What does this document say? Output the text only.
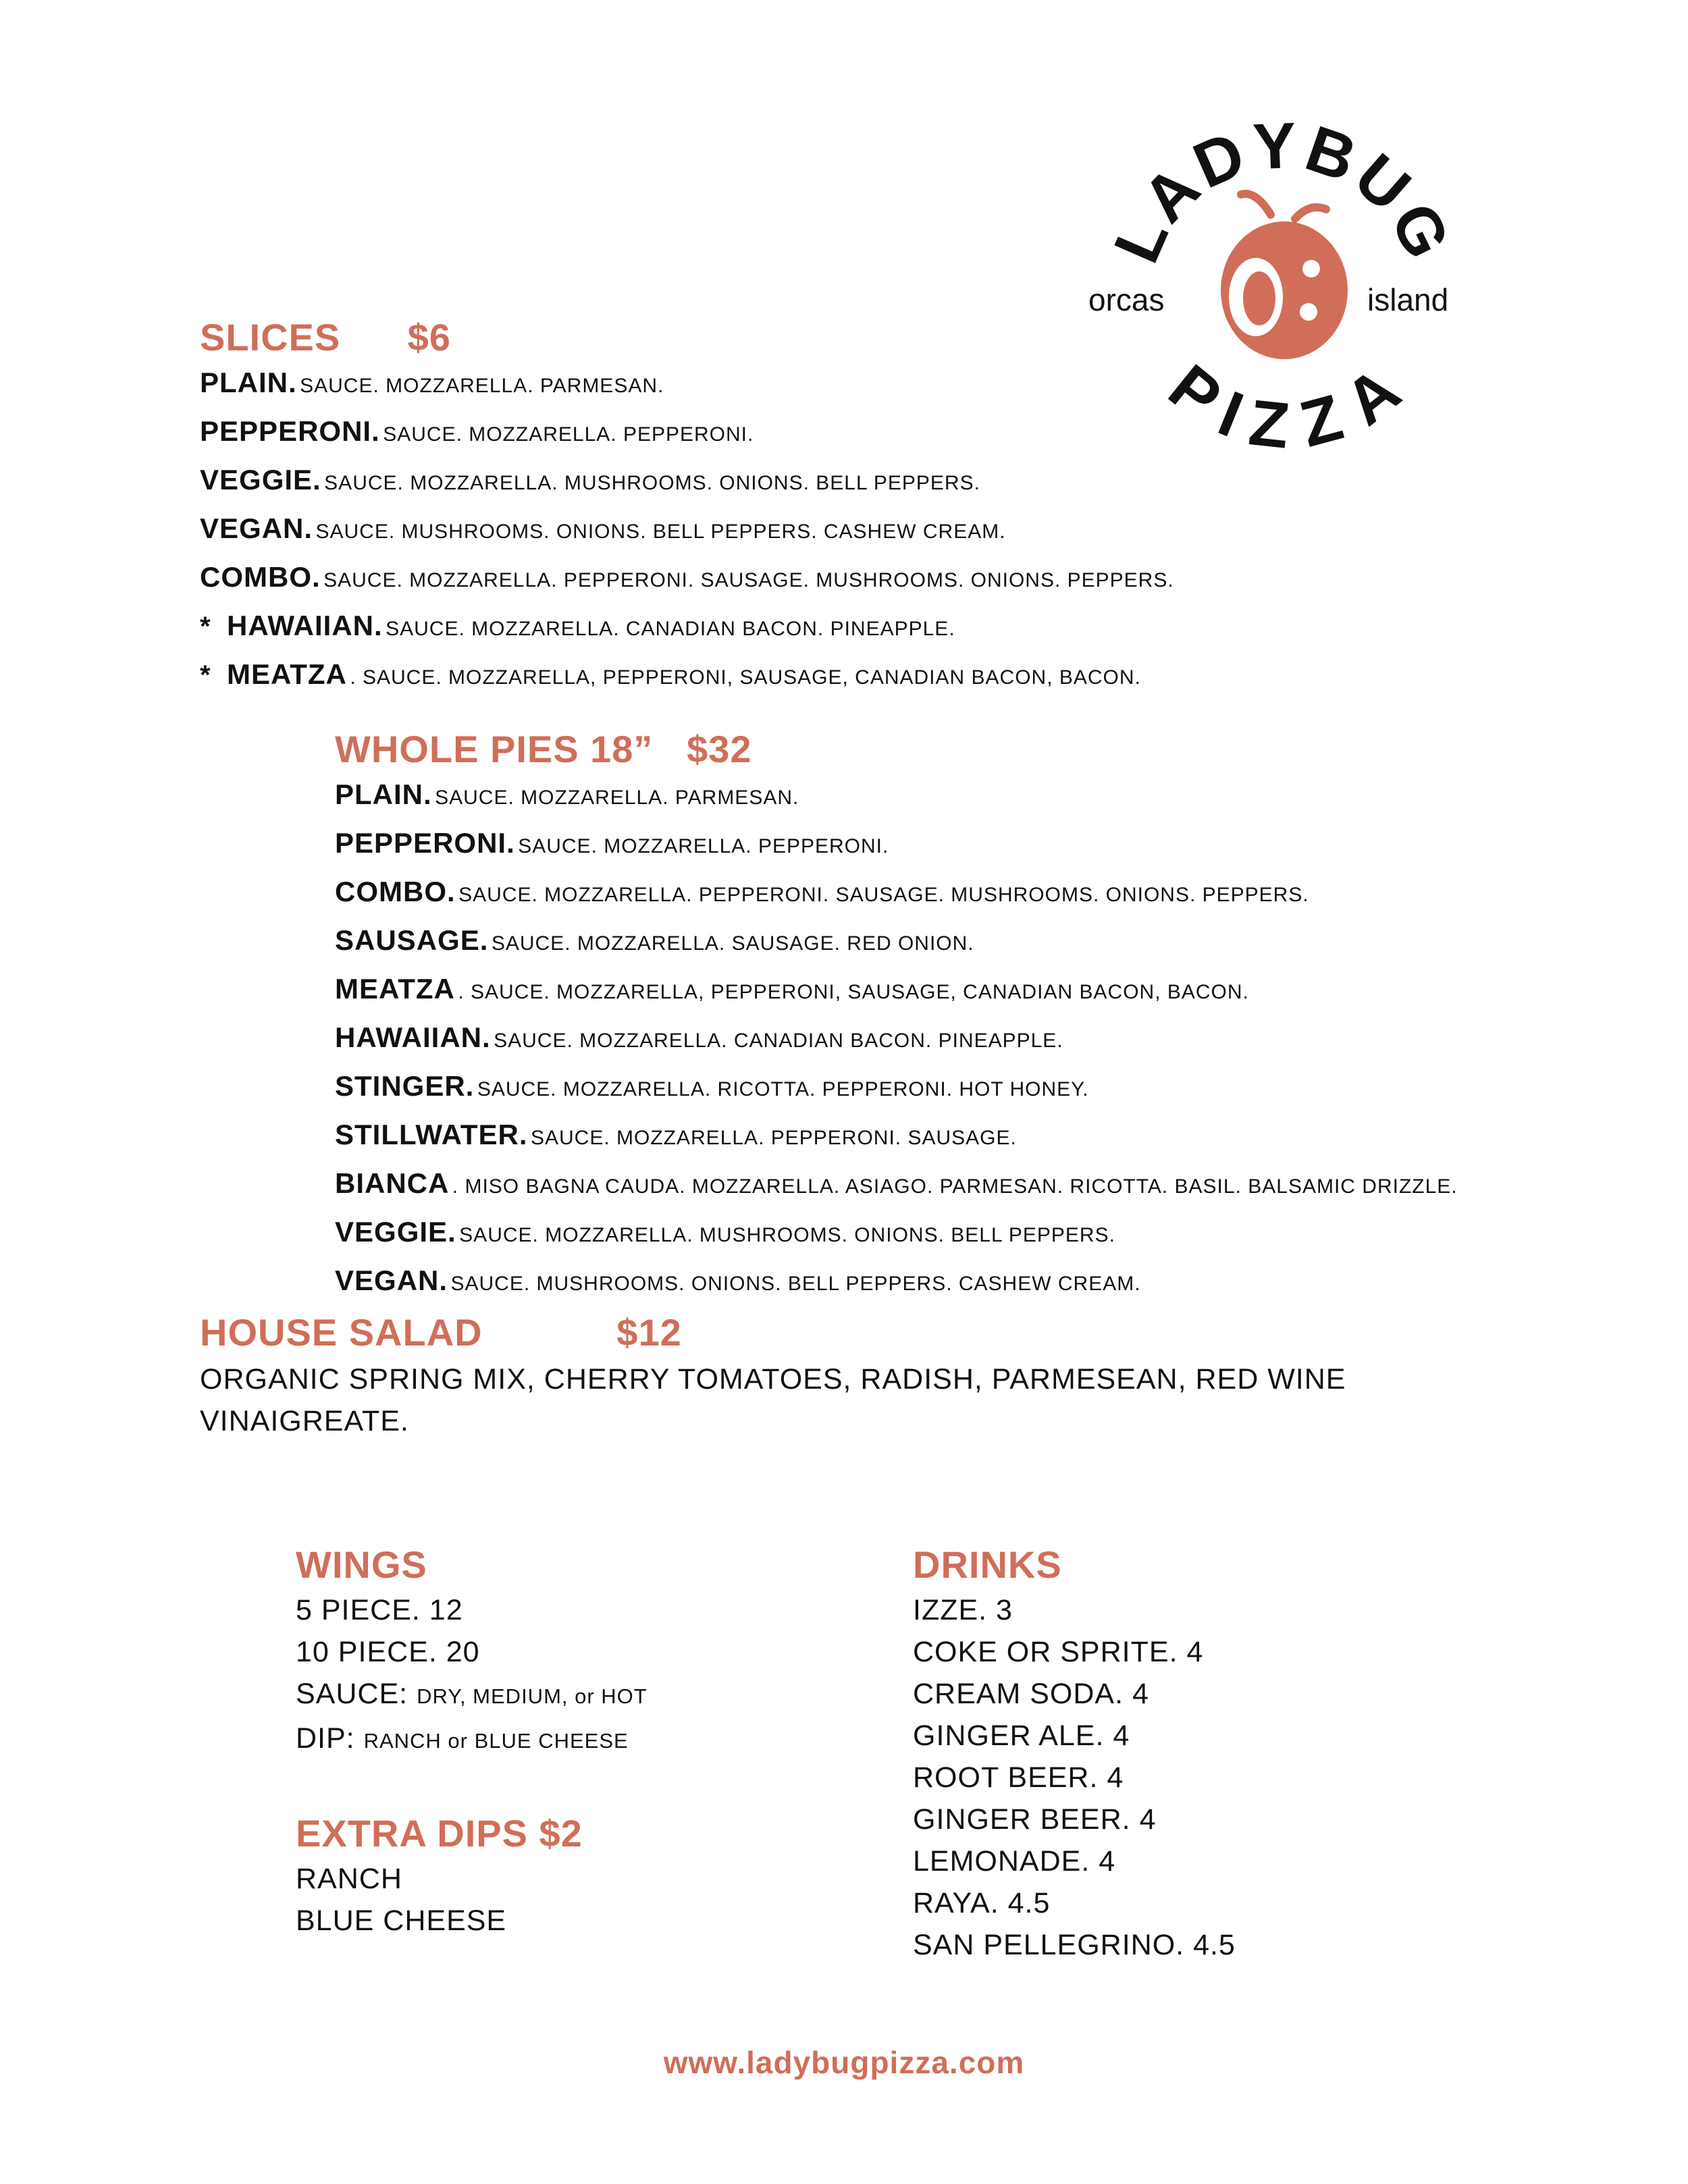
LADYBUG
PIZZA
orcas	island
SLICES $6
PLAIN. SAUCE. MOZZARELLA. PARMESAN.
PEPPERONI. SAUCE. MOZZARELLA. PEPPERONI.
VEGGIE. SAUCE. MOZZARELLA. MUSHROOMS. ONIONS. BELL PEPPERS.
VEGAN. SAUCE. MUSHROOMS. ONIONS. BELL PEPPERS. CASHEW CREAM.
COMBO. SAUCE. MOZZARELLA. PEPPERONI. SAUSAGE. MUSHROOMS. ONIONS. PEPPERS.
* HAWAIIAN. SAUCE. MOZZARELLA. CANADIAN BACON. PINEAPPLE.
* MEATZA . SAUCE. MOZZARELLA, PEPPERONI, SAUSAGE, CANADIAN BACON, BACON.
WHOLE PIES 18” $32
PLAIN. SAUCE. MOZZARELLA. PARMESAN.
PEPPERONI. SAUCE. MOZZARELLA. PEPPERONI.
COMBO. SAUCE. MOZZARELLA. PEPPERONI. SAUSAGE. MUSHROOMS. ONIONS. PEPPERS.
SAUSAGE. SAUCE. MOZZARELLA. SAUSAGE. RED ONION.
MEATZA . SAUCE. MOZZARELLA, PEPPERONI, SAUSAGE, CANADIAN BACON, BACON.
HAWAIIAN. SAUCE. MOZZARELLA. CANADIAN BACON. PINEAPPLE.
STINGER. SAUCE. MOZZARELLA. RICOTTA. PEPPERONI. HOT HONEY.
STILLWATER. SAUCE. MOZZARELLA. PEPPERONI. SAUSAGE.
BIANCA . MISO BAGNA CAUDA. MOZZARELLA. ASIAGO. PARMESAN. RICOTTA. BASIL. BALSAMIC DRIZZLE.
VEGGIE. SAUCE. MOZZARELLA. MUSHROOMS. ONIONS. BELL PEPPERS.
VEGAN. SAUCE. MUSHROOMS. ONIONS. BELL PEPPERS. CASHEW CREAM.
HOUSE SALAD	$12
ORGANIC SPRING MIX, CHERRY TOMATOES, RADISH, PARMESEAN, RED WINE
VINAIGREATE.
WINGS
5 PIECE. 12
10 PIECE. 20
SAUCE: DRY, MEDIUM, or HOT
DIP: RANCH or BLUE CHEESE
EXTRA DIPS $2
RANCH
BLUE CHEESE
DRINKS
IZZE. 3
COKE OR SPRITE. 4
CREAM SODA. 4
GINGER ALE. 4
ROOT BEER. 4
GINGER BEER. 4
LEMONADE. 4
RAYA. 4.5
SAN PELLEGRINO. 4.5
www.ladybugpizza.com
